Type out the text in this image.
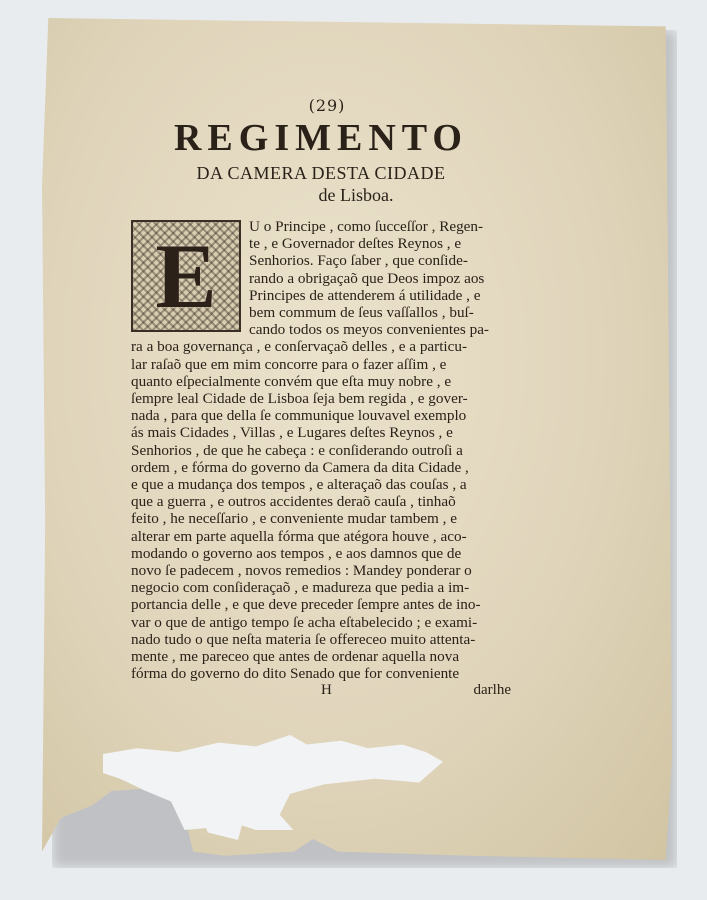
(29)
REGIMENTO
DA CAMERA DESTA CIDADE
de Lisboa.
E	U o Principe , como ſucceſſor , Regen-
te , e Governador deſtes Reynos , e
Senhorios. Faço ſaber , que conſide-
rando a obrigaçaõ que Deos impoz aos
Principes de attenderem á utilidade , e
bem commum de ſeus vaſſallos , buſ-
cando todos os meyos convenientes pa-
ra a boa governança , e conſervaçaõ delles , e a particu-
lar raſaõ que em mim concorre para o fazer aſſim , e
quanto eſpecialmente convém que eſta muy nobre , e
ſempre leal Cidade de Lisboa ſeja bem regida , e gover-
nada , para que della ſe communique louvavel exemplo
ás mais Cidades , Villas , e Lugares deſtes Reynos , e
Senhorios , de que he cabeça : e conſiderando outroſi a
ordem , e fórma do governo da Camera da dita Cidade ,
e que a mudança dos tempos , e alteraçaõ das couſas , a
que a guerra , e outros accidentes deraõ cauſa , tinhaõ
feito , he neceſſario , e conveniente mudar tambem , e
alterar em parte aquella fórma que atégora houve , aco-
modando o governo aos tempos , e aos damnos que de
novo ſe padecem , novos remedios : Mandey ponderar o
negocio com conſideraçaõ , e madureza que pedia a im-
portancia delle , e que deve preceder ſempre antes de ino-
var o que de antigo tempo ſe acha eſtabelecido ; e exami-
nado tudo o que neſta materia ſe offereceo muito attenta-
mente , me pareceo que antes de ordenar aquella nova
fórma do governo do dito Senado que for conveniente
H	darlhe
